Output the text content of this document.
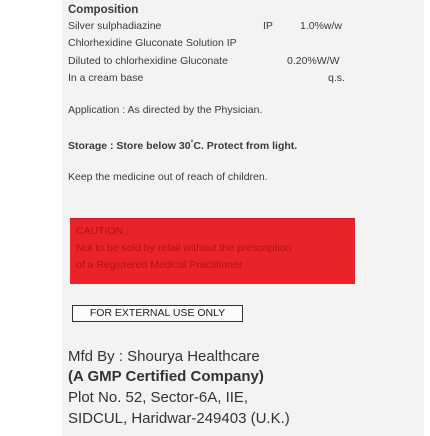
Composition
Silver sulphadiazine	IP	1.0%w/w
Chlorhexidine Gluconate Solution IP
Diluted to chlorhexidine Gluconate	0.20%W/W
In a cream base	q.s.
Application : As directed by the Physician.
Storage : Store below 30°C. Protect from light.
Keep the medicine out of reach of children.
CAUTION :
Not to be sold by retail without the prescription
of a Registered Medical Practitioner
FOR EXTERNAL USE ONLY
Mfd By : Shourya Healthcare
(A GMP Certified Company)
Plot No. 52, Sector-6A, IIE,
SIDCUL, Haridwar-249403 (U.K.)
